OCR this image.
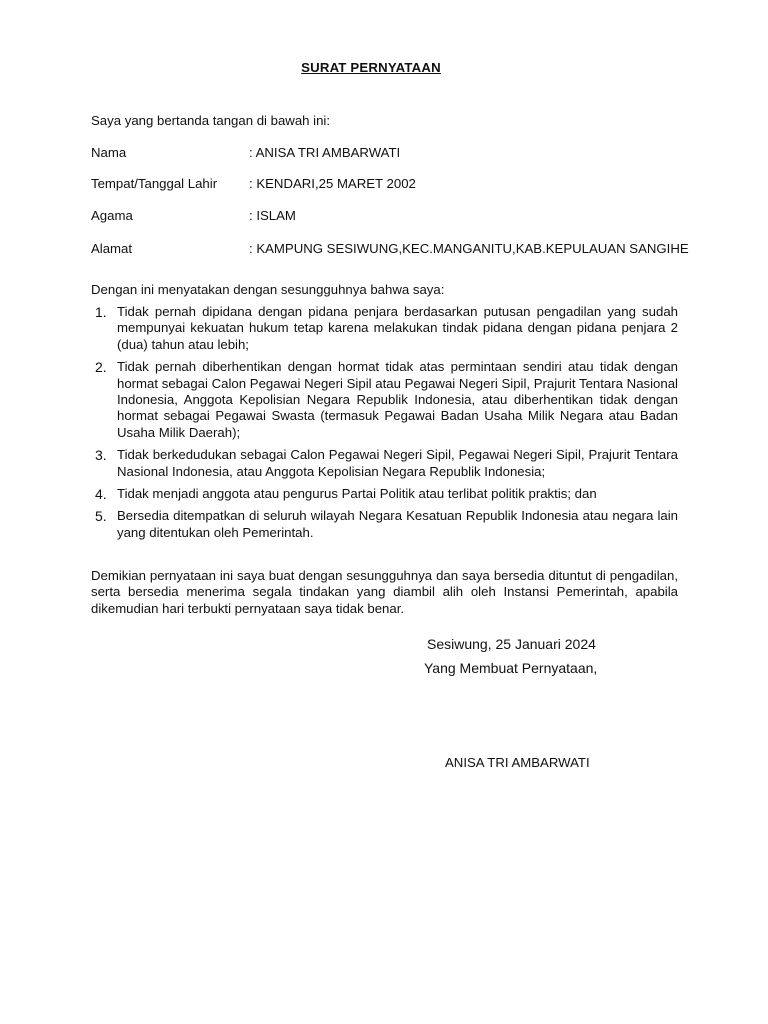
SURAT PERNYATAAN
Saya yang bertanda tangan di bawah ini:
Nama	: ANISA TRI AMBARWATI
Tempat/Tanggal Lahir : KENDARI,25 MARET 2002
Agama	: ISLAM
Alamat	: KAMPUNG SESIWUNG,KEC.MANGANITU,KAB.KEPULAUAN SANGIHE
Dengan ini menyatakan dengan sesungguhnya bahwa saya:
1. Tidak pernah dipidana dengan pidana penjara berdasarkan putusan pengadilan yang sudah mempunyai kekuatan hukum tetap karena melakukan tindak pidana dengan pidana penjara 2 (dua) tahun atau lebih;
2. Tidak pernah diberhentikan dengan hormat tidak atas permintaan sendiri atau tidak dengan hormat sebagai Calon Pegawai Negeri Sipil atau Pegawai Negeri Sipil, Prajurit Tentara Nasional Indonesia, Anggota Kepolisian Negara Republik Indonesia, atau diberhentikan tidak dengan hormat sebagai Pegawai Swasta (termasuk Pegawai Badan Usaha Milik Negara atau Badan Usaha Milik Daerah);
3. Tidak berkedudukan sebagai Calon Pegawai Negeri Sipil, Pegawai Negeri Sipil, Prajurit Tentara Nasional Indonesia, atau Anggota Kepolisian Negara Republik Indonesia;
4. Tidak menjadi anggota atau pengurus Partai Politik atau terlibat politik praktis; dan
5. Bersedia ditempatkan di seluruh wilayah Negara Kesatuan Republik Indonesia atau negara lain yang ditentukan oleh Pemerintah.
Demikian pernyataan ini saya buat dengan sesungguhnya dan saya bersedia dituntut di pengadilan, serta bersedia menerima segala tindakan yang diambil alih oleh Instansi Pemerintah, apabila dikemudian hari terbukti pernyataan saya tidak benar.
Sesiwung, 25 Januari 2024
Yang Membuat Pernyataan,
ANISA TRI AMBARWATI
